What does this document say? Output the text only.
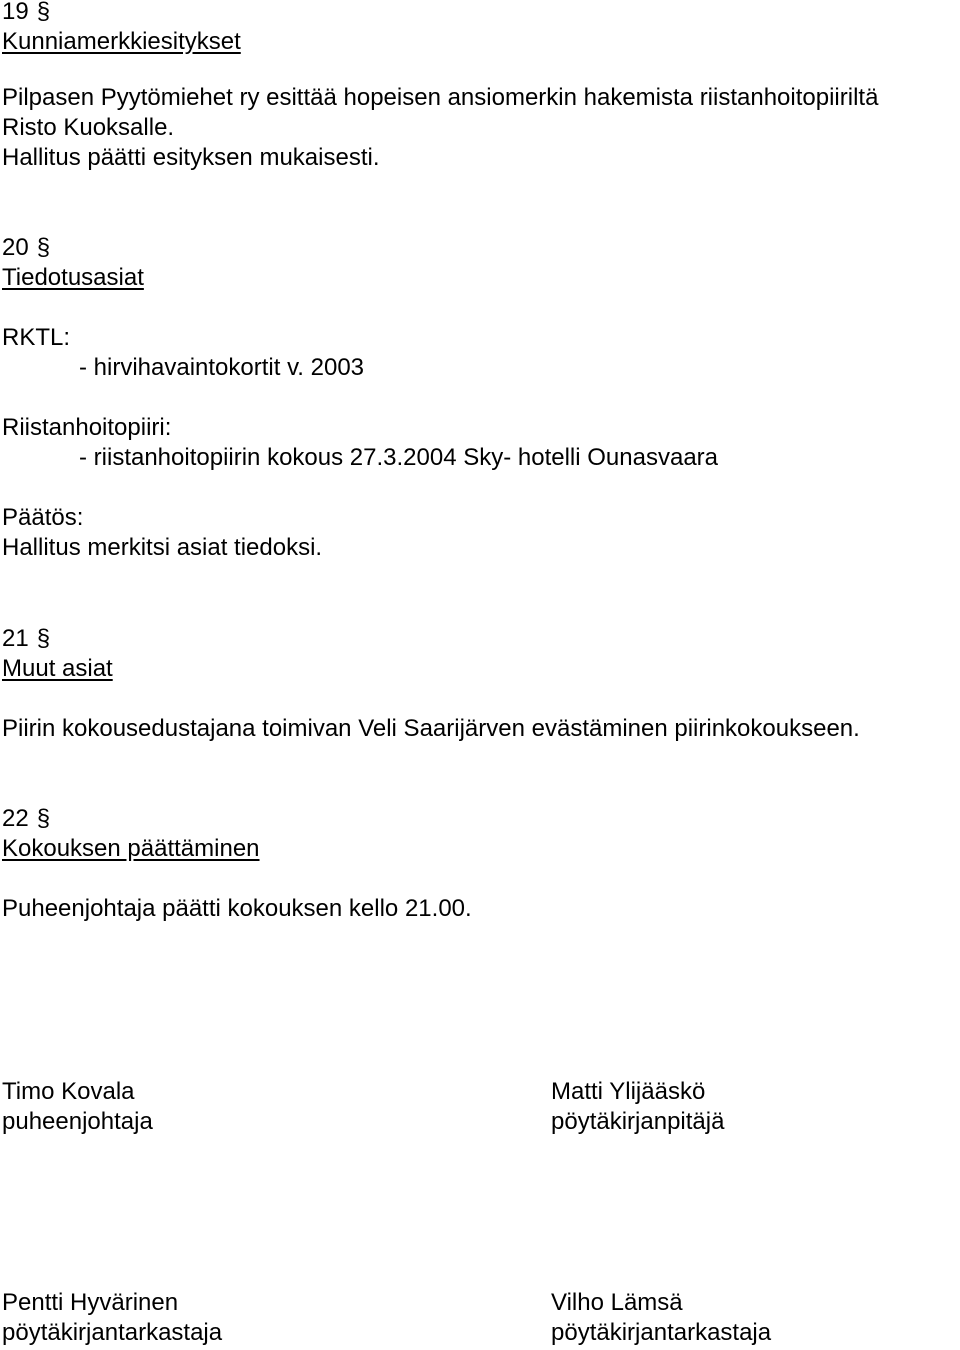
19 §

Kunniamerkkiesitykset

Pilpasen Pyytömiehet ry esittää hopeisen ansiomerkin hakemista riistanhoitopiiriltä

Risto Kuoksalle.

Hallitus päätti esityksen mukaisesti.

20 §

Tiedotusasiat

RKTL:

- hirvihavaintokortit v. 2003

Riistanhoitopiiri:

- riistanhoitopiirin kokous 27.3.2004 Sky- hotelli Ounasvaara

Päätös:

Hallitus merkitsi asiat tiedoksi.

21 §

Muut asiat

Piirin kokousedustajana toimivan Veli Saarijärven evästäminen piirinkokoukseen.

22 §

Kokouksen päättäminen

Puheenjohtaja päätti kokouksen kello 21.00.

Timo Kovala

puheenjohtaja

Matti Ylijääskö

pöytäkirjanpitäjä

Pentti Hyvärinen

pöytäkirjantarkastaja

Vilho Lämsä

pöytäkirjantarkastaja
